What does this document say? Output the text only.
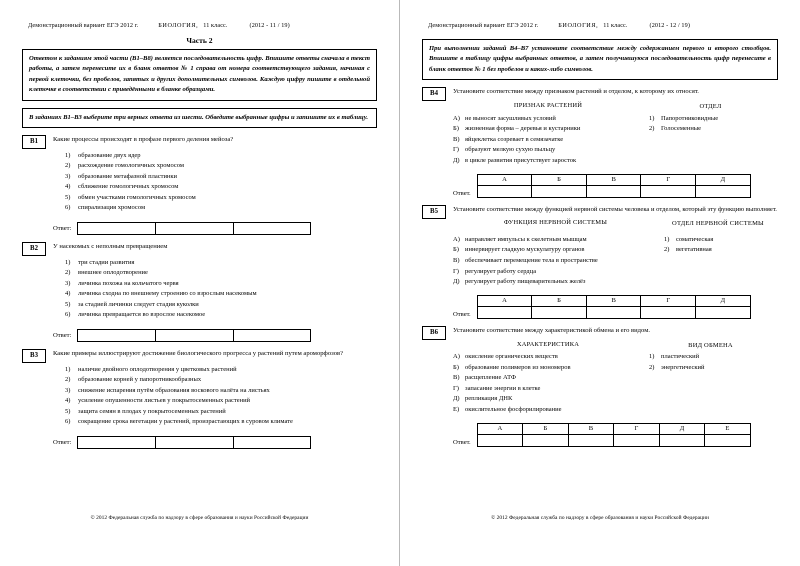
Демонстрационный вариант ЕГЭ 2012 г.	БИОЛОГИЯ, 11 класс.	(2012 - 11 / 19)
Часть 2
Ответом к заданиям этой части (В1–В8) является последовательность цифр. Впишите ответы сначала в текст работы, а затем перенесите их в бланк ответов № 1 справа от номера соответствующего задания, начиная с первой клеточки, без пробелов, запятых и других дополнительных символов. Каждую цифру пишите в отдельной клеточке в соответствии с приведёнными в бланке образцами.
В заданиях В1–В3 выберите три верных ответа из шести. Обведите выбранные цифры и запишите их в таблицу.
B1	Какие процессы происходят в профазе первого деления мейоза?
1)	образование двух ядер
2)	расхождение гомологичных хромосом
3)	образование метафазной пластинки
4)	сближение гомологичных хромосом
5)	обмен участками гомологичных хромосом
6)	спирализация хромосом
Ответ:
B2	У насекомых с неполным превращением
1)	три стадии развития
2)	внешнее оплодотворение
3)	личинка похожа на кольчатого червя
4)	личинка сходна по внешнему строению со взрослым насекомым
5)	за стадией личинки следует стадия куколки
6)	личинка превращается во взрослое насекомое
Ответ:
B3	Какие примеры иллюстрируют достижение биологического прогресса у растений путем ароморфозов?
1)	наличие двойного оплодотворения у цветковых растений
2)	образование корней у папоротникообразных
3)	снижение испарения путём образования воскового налёта на листьях
4)	усиление опушенности листьев у покрытосеменных растений
5)	защита семян в плодах у покрытосеменных растений
6)	сокращение срока вегетации у растений, произрастающих в суровом климате
Ответ:
© 2012 Федеральная служба по надзору в сфере образования и науки Российской Федерации
Демонстрационный вариант ЕГЭ 2012 г.	БИОЛОГИЯ, 11 класс.	(2012 - 12 / 19)
При выполнении заданий В4–В7 установите соответствие между содержанием первого и второго столбцов. Впишите в таблицу цифры выбранных ответов, а затем получившуюся последовательность цифр перенесите в бланк ответов № 1 без пробелов и каких-либо символов.
B4	Установите соответствие между признаком растений и отделом, к которому их относят.
ПРИЗНАК РАСТЕНИЙ	ОТДЕЛ
А) не выносят засушливых условий	1)	Папоротниковидные
Б) жизненная форма – деревья и кустарники	2)	Голосеменные
В) яйцеклетка созревает в семязачатке
Г) образуют мелкую сухую пыльцу
Д) в цикле развития присутствует заросток
Ответ.
А	Б	В	Г	Д

B5	Установите соответствие между функцией нервной системы человека и отделом, который эту функцию выполняет.
ФУНКЦИЯ НЕРВНОЙ СИСТЕМЫ	ОТДЕЛ НЕРВНОЙ СИСТЕМЫ
А) направляет импульсы к скелетным мышцам	1)	соматическая
Б) иннервирует гладкую мускулатуру органов	2)	вегетативная
В) обеспечивает перемещение тела в пространстве
Г) регулирует работу сердца
Д) регулирует работу пищеварительных желёз
Ответ.
А	Б	В	Г	Д

B6	Установите соответствие между характеристикой обмена и его видом.
ХАРАКТЕРИСТИКА	ВИД ОБМЕНА
А) окисление органических веществ	1)	пластический
Б) образование полимеров из мономеров	2)	энергетический
В) расщепление АТФ
Г) запасание энергии в клетке
Д) репликация ДНК
Е) окислительное фосфорилирование
Ответ.
А	Б	В	Г	Д	Е

© 2012 Федеральная служба по надзору в сфере образования и науки Российской Федерации
